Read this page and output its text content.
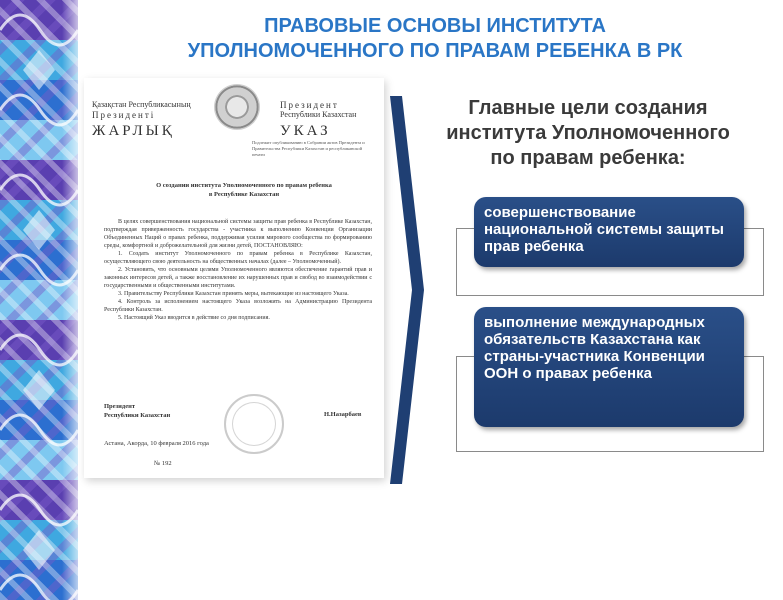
ПРАВОВЫЕ ОСНОВЫ ИНСТИТУТА
УПОЛНОМОЧЕННОГО ПО ПРАВАМ РЕБЕНКА В РК
Қазақстан Республикасының
Президенті
ЖАРЛЫҚ
Президент
Республики Казахстан
УКАЗ
Подлежит опубликованию в Собрании актов Президента и Правительства Республики Казахстан и республиканской печати
О создании института Уполномоченного по правам ребенка
в Республике Казахстан

В целях совершенствования национальной системы защиты прав ребенка в Республике Казахстан, подтверждая приверженность государства - участника к выполнению Конвенции Организации Объединенных Наций о правах ребенка, поддерживая усилия мирового сообщества по формированию среды, комфортной и доброжелательной для жизни детей, ПОСТАНОВЛЯЮ:

1. Создать институт Уполномоченного по правам ребенка в Республике Казахстан, осуществляющего свою деятельность на общественных началах (далее – Уполномоченный).

2. Установить, что основными целями Уполномоченного являются обеспечение гарантий прав и законных интересов детей, а также восстановление их нарушенных прав и свобод во взаимодействии с государственными и общественными институтами.

3. Правительству Республики Казахстан принять меры, вытекающие из настоящего Указа.

4. Контроль за исполнением настоящего Указа возложить на Администрацию Президента Республики Казахстан.

5. Настоящий Указ вводится в действие со дня подписания.

Президент
Республики Казахстан	Н.Назарбаев
Астана, Акорда, 10 февраля 2016 года
№ 192
Главные цели создания
института Уполномоченного
по правам ребенка:
совершенствование национальной системы защиты прав ребенка
выполнение международных обязательств Казахстана как страны-участника Конвенции ООН о правах ребенка
